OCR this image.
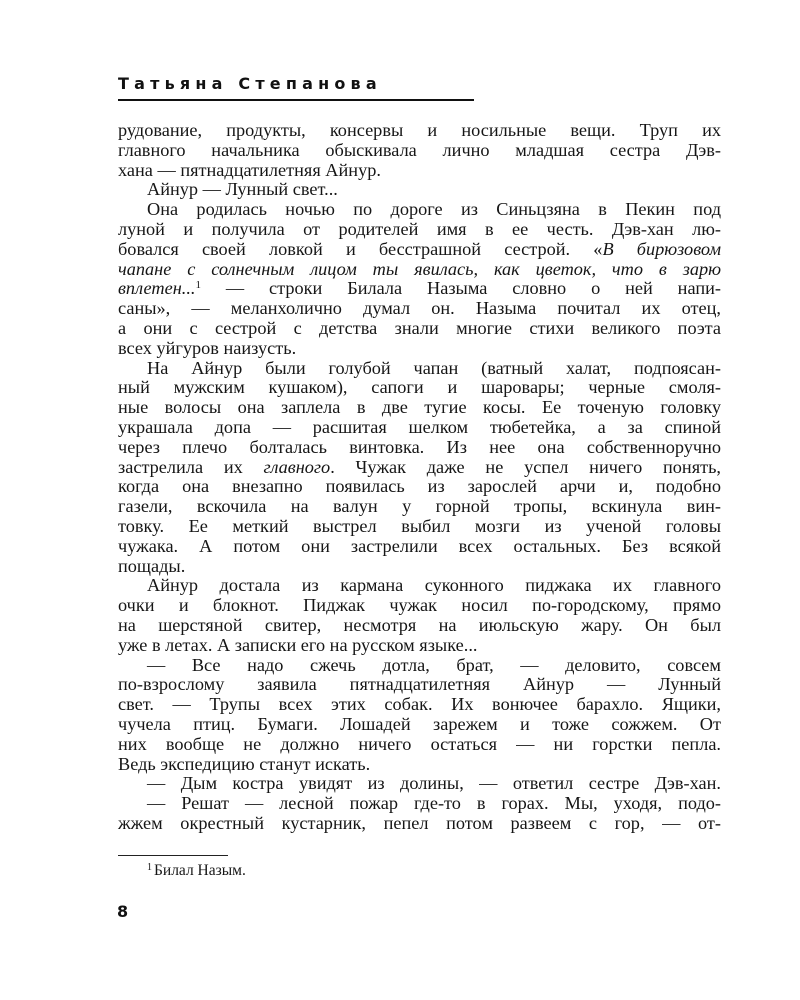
Татьяна Степанова
рудование, продукты, консервы и носильные вещи. Труп их
главного начальника обыскивала лично младшая сестра Дэв-
хана — пятнадцатилетняя Айнур.
Айнур — Лунный свет...
Она родилась ночью по дороге из Синьцзяна в Пекин под
луной и получила от родителей имя в ее честь. Дэв-хан лю-
бовался своей ловкой и бесстрашной сестрой. «В бирюзовом
чапане с солнечным лицом ты явилась, как цветок, что в зарю
вплетен...$^1$ — строки Билала Назыма словно о ней напи-
саны», — меланхолично думал он. Назыма почитал их отец,
а они с сестрой с детства знали многие стихи великого поэта
всех уйгуров наизусть.
На Айнур были голубой чапан (ватный халат, подпоясан-
ный мужским кушаком), сапоги и шаровары; черные смоля-
ные волосы она заплела в две тугие косы. Ее точеную головку
украшала допа — расшитая шелком тюбетейка, а за спиной
через плечо болталась винтовка. Из нее она собственноручно
застрелила их главного. Чужак даже не успел ничего понять,
когда она внезапно появилась из зарослей арчи и, подобно
газели, вскочила на валун у горной тропы, вскинула вин-
товку. Ее меткий выстрел выбил мозги из ученой головы
чужака. А потом они застрелили всех остальных. Без всякой
пощады.
Айнур достала из кармана суконного пиджака их главного
очки и блокнот. Пиджак чужак носил по-городскому, прямо
на шерстяной свитер, несмотря на июльскую жару. Он был
уже в летах. А записки его на русском языке...
— Все надо сжечь дотла, брат, — деловито, совсем
по-взрослому заявила пятнадцатилетняя Айнур — Лунный
свет. — Трупы всех этих собак. Их вонючее барахло. Ящики,
чучела птиц. Бумаги. Лошадей зарежем и тоже сожжем. От
них вообще не должно ничего остаться — ни горстки пепла.
Ведь экспедицию станут искать.
— Дым костра увидят из долины, — ответил сестре Дэв-хан.
— Решат — лесной пожар где-то в горах. Мы, уходя, подо-
жжем окрестный кустарник, пепел потом развеем с гор, — от-
$^1$ Билал Назым.
8
